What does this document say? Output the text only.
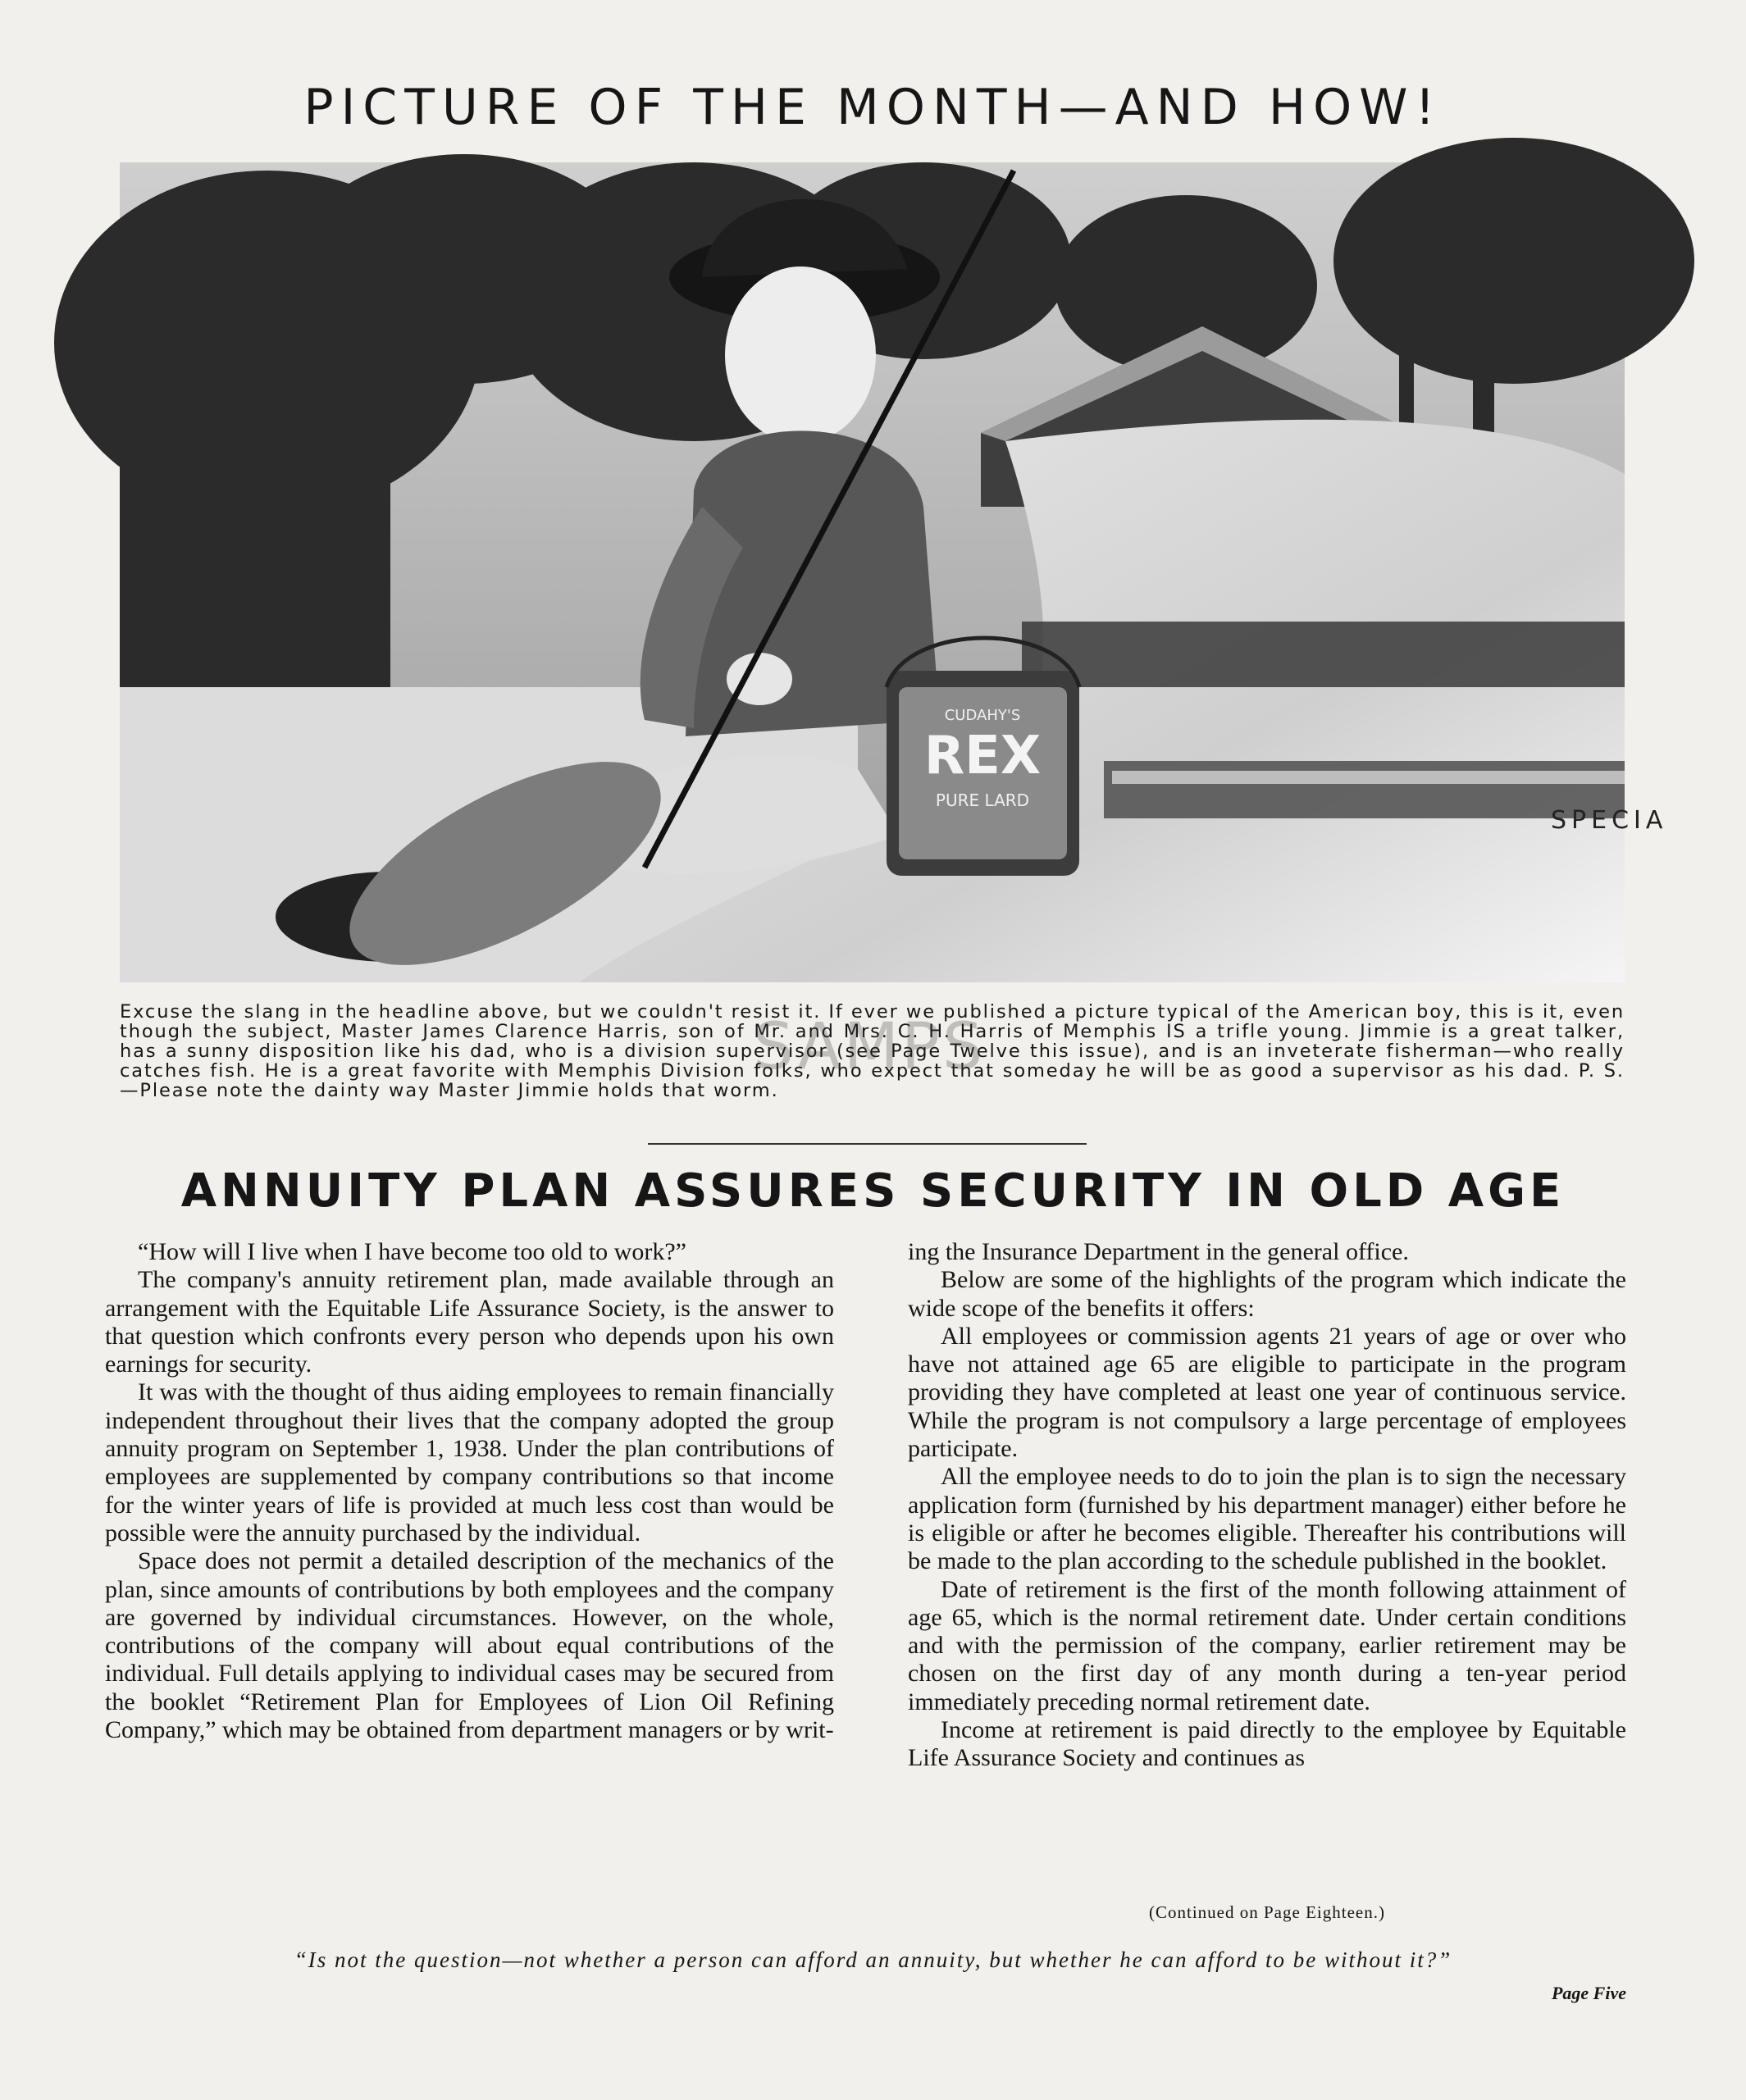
PICTURE OF THE MONTH—AND HOW!
SPECIA
CUDAHY'S
REX
PURE LARD

Excuse the slang in the headline above, but we couldn't resist it. If ever we published a picture typical of the American boy, this is it, even though the subject, Master James Clarence Harris, son of Mr. and Mrs. C. H. Harris of Memphis IS a trifle young. Jimmie is a great talker, has a sunny disposition like his dad, who is a division supervisor (see Page Twelve this issue), and is an inveterate fisherman—who really catches fish. He is a great favorite with Memphis Division folks, who expect that someday he will be as good a supervisor as his dad. P. S.—Please note the dainty way Master Jimmie holds that worm.

SAMPS
ANNUITY PLAN ASSURES SECURITY IN OLD AGE

“How will I live when I have become too old to work?”

The company's annuity retirement plan, made available through an arrangement with the Equitable Life Assurance Society, is the answer to that question which confronts every person who depends upon his own earnings for security.

It was with the thought of thus aiding employees to remain financially independent throughout their lives that the company adopted the group annuity program on September 1, 1938. Under the plan contributions of employees are supplemented by company contributions so that income for the winter years of life is provided at much less cost than would be possible were the annuity purchased by the individual.

Space does not permit a detailed description of the mechanics of the plan, since amounts of contributions by both employees and the company are governed by individual circumstances. However, on the whole, contributions of the company will about equal contributions of the individual. Full details applying to individual cases may be secured from the booklet “Retirement Plan for Employees of Lion Oil Refining Company,” which may be obtained from department managers or by writ-

ing the Insurance Department in the general office.

Below are some of the highlights of the program which indicate the wide scope of the benefits it offers:

All employees or commission agents 21 years of age or over who have not attained age 65 are eligible to participate in the program providing they have completed at least one year of continuous service. While the program is not compulsory a large percentage of employees participate.

All the employee needs to do to join the plan is to sign the necessary application form (furnished by his department manager) either before he is eligible or after he becomes eligible. Thereafter his contributions will be made to the plan according to the schedule published in the booklet.

Date of retirement is the first of the month following attainment of age 65, which is the normal retirement date. Under certain conditions and with the permission of the company, earlier retirement may be chosen on the first day of any month during a ten-year period immediately preceding normal retirement date.

Income at retirement is paid directly to the employee by Equitable Life Assurance Society and continues as

(Continued on Page Eighteen.)
“Is not the question—not whether a person can afford an annuity, but whether he can afford to be without it?”
Page Five
